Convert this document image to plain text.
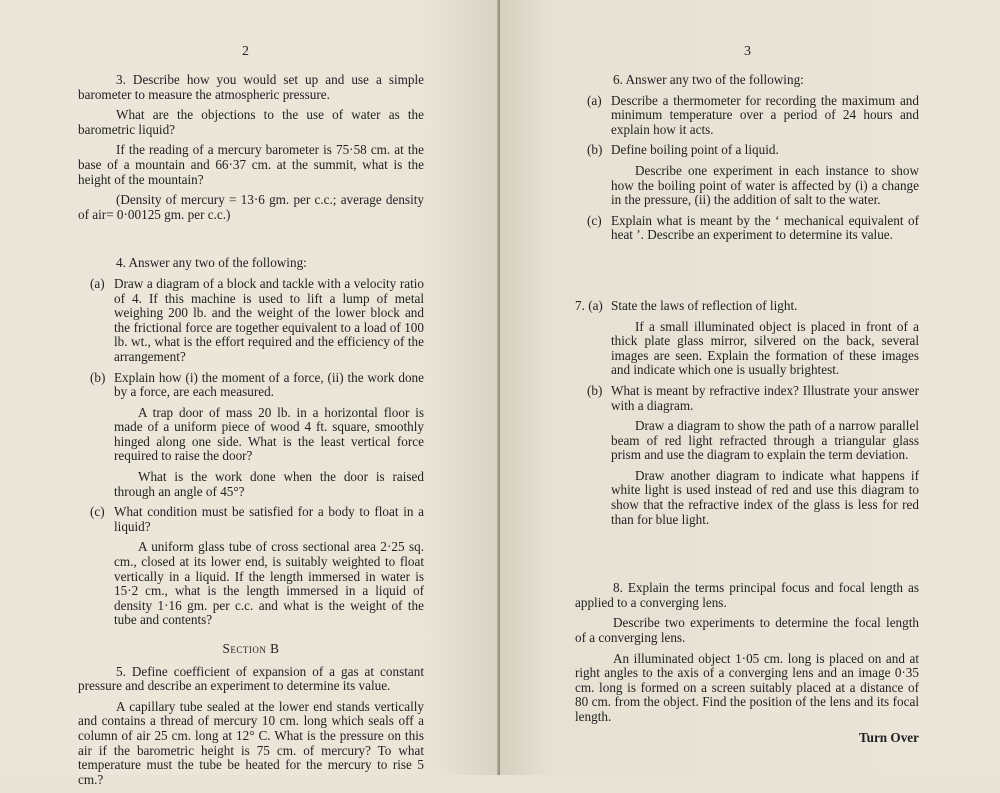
2

3. Describe how you would set up and use a simple barometer to measure the atmospheric pressure.

What are the objections to the use of water as the barometric liquid?

If the reading of a mercury barometer is 75·58 cm. at the base of a mountain and 66·37 cm. at the summit, what is the height of the mountain?

(Density of mercury = 13·6 gm. per c.c.; average density of air= 0·00125 gm. per c.c.)

4. Answer any two of the following:

(a) Draw a diagram of a block and tackle with a velocity ratio of 4. If this machine is used to lift a lump of metal weighing 200 lb. and the weight of the lower block and the frictional force are together equivalent to a load of 100 lb. wt., what is the effort required and the efficiency of the arrangement?
(b) Explain how (i) the moment of a force, (ii) the work done by a force, are each measured.

A trap door of mass 20 lb. in a horizontal floor is made of a uniform piece of wood 4 ft. square, smoothly hinged along one side. What is the least vertical force required to raise the door?

What is the work done when the door is raised through an angle of 45°?

(c) What condition must be satisfied for a body to float in a liquid?

A uniform glass tube of cross sectional area 2·25 sq. cm., closed at its lower end, is suitably weighted to float vertically in a liquid. If the length immersed in water is 15·2 cm., what is the length immersed in a liquid of density 1·16 gm. per c.c. and what is the weight of the tube and contents?

Section B

5. Define coefficient of expansion of a gas at constant pressure and describe an experiment to determine its value.

A capillary tube sealed at the lower end stands vertically and contains a thread of mercury 10 cm. long which seals off a column of air 25 cm. long at 12° C. What is the pressure on this air if the barometric height is 75 cm. of mercury? To what temperature must the tube be heated for the mercury to rise 5 cm.?

3

6. Answer any two of the following:

(a) Describe a thermometer for recording the maximum and minimum temperature over a period of 24 hours and explain how it acts.
(b) Define boiling point of a liquid.

Describe one experiment in each instance to show how the boiling point of water is affected by (i) a change in the pressure, (ii) the addition of salt to the water.

(c) Explain what is meant by the ‘ mechanical equivalent of heat ’. Describe an experiment to determine its value.
7. (a) State the laws of reflection of light.

If a small illuminated object is placed in front of a thick plate glass mirror, silvered on the back, several images are seen. Explain the formation of these images and indicate which one is usually brightest.

(b) What is meant by refractive index? Illustrate your answer with a diagram.

Draw a diagram to show the path of a narrow parallel beam of red light refracted through a triangular glass prism and use the diagram to explain the term deviation.

Draw another diagram to indicate what happens if white light is used instead of red and use this diagram to show that the refractive index of the glass is less for red than for blue light.

8. Explain the terms principal focus and focal length as applied to a converging lens.

Describe two experiments to determine the focal length of a converging lens.

An illuminated object 1·05 cm. long is placed on and at right angles to the axis of a converging lens and an image 0·35 cm. long is formed on a screen suitably placed at a distance of 80 cm. from the object. Find the position of the lens and its focal length.

Turn Over
